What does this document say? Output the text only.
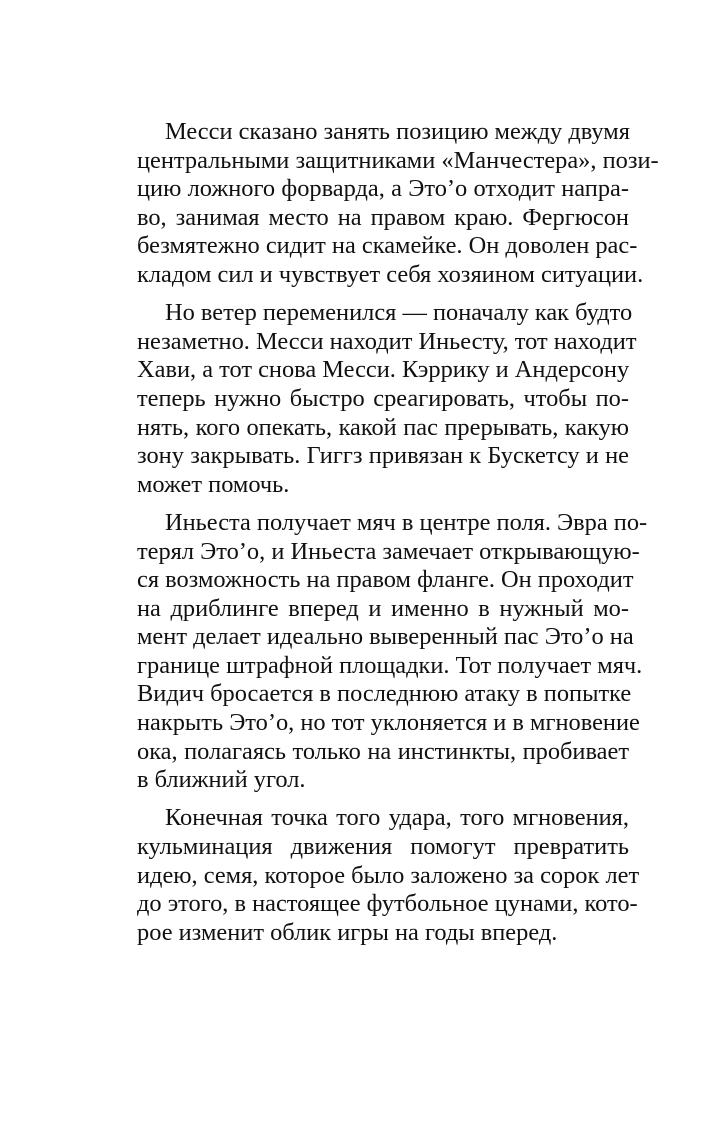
Месси сказано занять позицию между двумя
центральными защитниками «Манчестера», пози-
цию ложного форварда, а Это’о отходит напра-
во, занимая место на правом краю. Фергюсон
безмятежно сидит на скамейке. Он доволен рас-
кладом сил и чувствует себя хозяином ситуации.
Но ветер переменился — поначалу как будто
незаметно. Месси находит Иньесту, тот находит
Хави, а тот снова Месси. Кэррику и Андерсону
теперь нужно быстро среагировать, чтобы по-
нять, кого опекать, какой пас прерывать, какую
зону закрывать. Гиггз привязан к Бускетсу и не
может помочь.
Иньеста получает мяч в центре поля. Эвра по-
терял Это’о, и Иньеста замечает открывающую-
ся возможность на правом фланге. Он проходит
на дриблинге вперед и именно в нужный мо-
мент делает идеально выверенный пас Это’о на
границе штрафной площадки. Тот получает мяч.
Видич бросается в последнюю атаку в попытке
накрыть Это’о, но тот уклоняется и в мгновение
ока, полагаясь только на инстинкты, пробивает
в ближний угол.
Конечная точка того удара, того мгновения,
кульминация движения помогут превратить
идею, семя, которое было заложено за сорок лет
до этого, в настоящее футбольное цунами, кото-
рое изменит облик игры на годы вперед.
